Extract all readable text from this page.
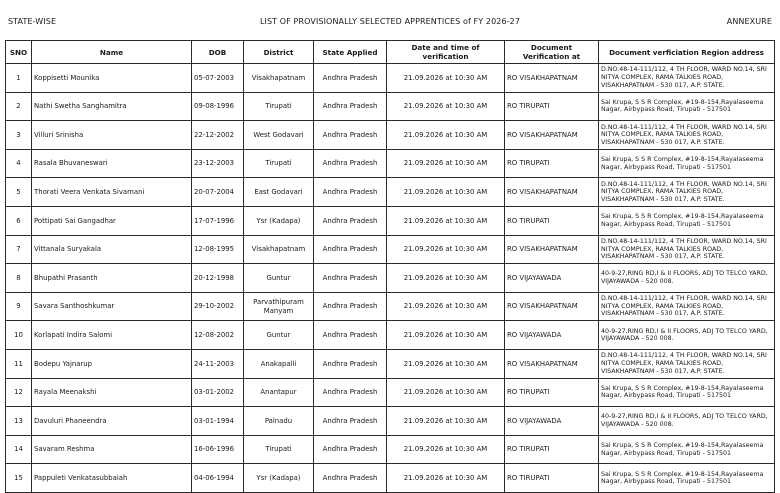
STATE-WISE	LIST OF PROVISIONALLY SELECTED APPRENTICES of FY 2026-27	ANNEXURE
SNO	Name	DOB	District	State Applied	Date and time of verification	Document Verification at	Document verficiation Region address
1	Koppisetti Mounika	05-07-2003	Visakhapatnam	Andhra Pradesh	21.09.2026 at 10:30 AM	RO VISAKHAPATNAM	D.NO.48-14-111/112, 4 TH FLOOR, WARD NO.14, SRI NITYA COMPLEX, RAMA TALKIES ROAD, VISAKHAPATNAM - 530 017, A.P. STATE.
2	Nathi Swetha Sanghamitra	09-08-1996	Tirupati	Andhra Pradesh	21.09.2026 at 10:30 AM	RO TIRUPATI	Sai Krupa, S S R Complex, #19-8-154,Rayalaseema Nagar, Airbypass Road, Tirupati - 517501
3	Villuri Srinisha	22-12-2002	West Godavari	Andhra Pradesh	21.09.2026 at 10:30 AM	RO VISAKHAPATNAM	D.NO.48-14-111/112, 4 TH FLOOR, WARD NO.14, SRI NITYA COMPLEX, RAMA TALKIES ROAD, VISAKHAPATNAM - 530 017, A.P. STATE.
4	Rasala Bhuvaneswari	23-12-2003	Tirupati	Andhra Pradesh	21.09.2026 at 10:30 AM	RO TIRUPATI	Sai Krupa, S S R Complex, #19-8-154,Rayalaseema Nagar, Airbypass Road, Tirupati - 517501
5	Thorati Veera Venkata Sivamani	20-07-2004	East Godavari	Andhra Pradesh	21.09.2026 at 10:30 AM	RO VISAKHAPATNAM	D.NO.48-14-111/112, 4 TH FLOOR, WARD NO.14, SRI NITYA COMPLEX, RAMA TALKIES ROAD, VISAKHAPATNAM - 530 017, A.P. STATE.
6	Pottipati Sai Gangadhar	17-07-1996	Ysr (Kadapa)	Andhra Pradesh	21.09.2026 at 10:30 AM	RO TIRUPATI	Sai Krupa, S S R Complex, #19-8-154,Rayalaseema Nagar, Airbypass Road, Tirupati - 517501
7	Vittanala Suryakala	12-08-1995	Visakhapatnam	Andhra Pradesh	21.09.2026 at 10:30 AM	RO VISAKHAPATNAM	D.NO.48-14-111/112, 4 TH FLOOR, WARD NO.14, SRI NITYA COMPLEX, RAMA TALKIES ROAD, VISAKHAPATNAM - 530 017, A.P. STATE.
8	Bhupathi Prasanth	20-12-1998	Guntur	Andhra Pradesh	21.09.2026 at 10:30 AM	RO VIJAYAWADA	40-9-27,RING RD,I & II FLOORS, ADJ TO TELCO YARD, VIJAYAWADA - 520 008.
9	Savara Santhoshkumar	29-10-2002	Parvathipuram Manyam	Andhra Pradesh	21.09.2026 at 10:30 AM	RO VISAKHAPATNAM	D.NO.48-14-111/112, 4 TH FLOOR, WARD NO.14, SRI NITYA COMPLEX, RAMA TALKIES ROAD, VISAKHAPATNAM - 530 017, A.P. STATE.
10	Korlapati Indira Salomi	12-08-2002	Guntur	Andhra Pradesh	21.09.2026 at 10:30 AM	RO VIJAYAWADA	40-9-27,RING RD,I & II FLOORS, ADJ TO TELCO YARD, VIJAYAWADA - 520 008.
11	Bodepu Yajnarup	24-11-2003	Anakapalli	Andhra Pradesh	21.09.2026 at 10:30 AM	RO VISAKHAPATNAM	D.NO.48-14-111/112, 4 TH FLOOR, WARD NO.14, SRI NITYA COMPLEX, RAMA TALKIES ROAD, VISAKHAPATNAM - 530 017, A.P. STATE.
12	Rayala Meenakshi	03-01-2002	Anantapur	Andhra Pradesh	21.09.2026 at 10:30 AM	RO TIRUPATI	Sai Krupa, S S R Complex, #19-8-154,Rayalaseema Nagar, Airbypass Road, Tirupati - 517501
13	Davuluri Phaneendra	03-01-1994	Palnadu	Andhra Pradesh	21.09.2026 at 10:30 AM	RO VIJAYAWADA	40-9-27,RING RD,I & II FLOORS, ADJ TO TELCO YARD, VIJAYAWADA - 520 008.
14	Savaram Reshma	16-06-1996	Tirupati	Andhra Pradesh	21.09.2026 at 10:30 AM	RO TIRUPATI	Sai Krupa, S S R Complex, #19-8-154,Rayalaseema Nagar, Airbypass Road, Tirupati - 517501
15	Pappuleti Venkatasubbaiah	04-06-1994	Ysr (Kadapa)	Andhra Pradesh	21.09.2026 at 10:30 AM	RO TIRUPATI	Sai Krupa, S S R Complex, #19-8-154,Rayalaseema Nagar, Airbypass Road, Tirupati - 517501
